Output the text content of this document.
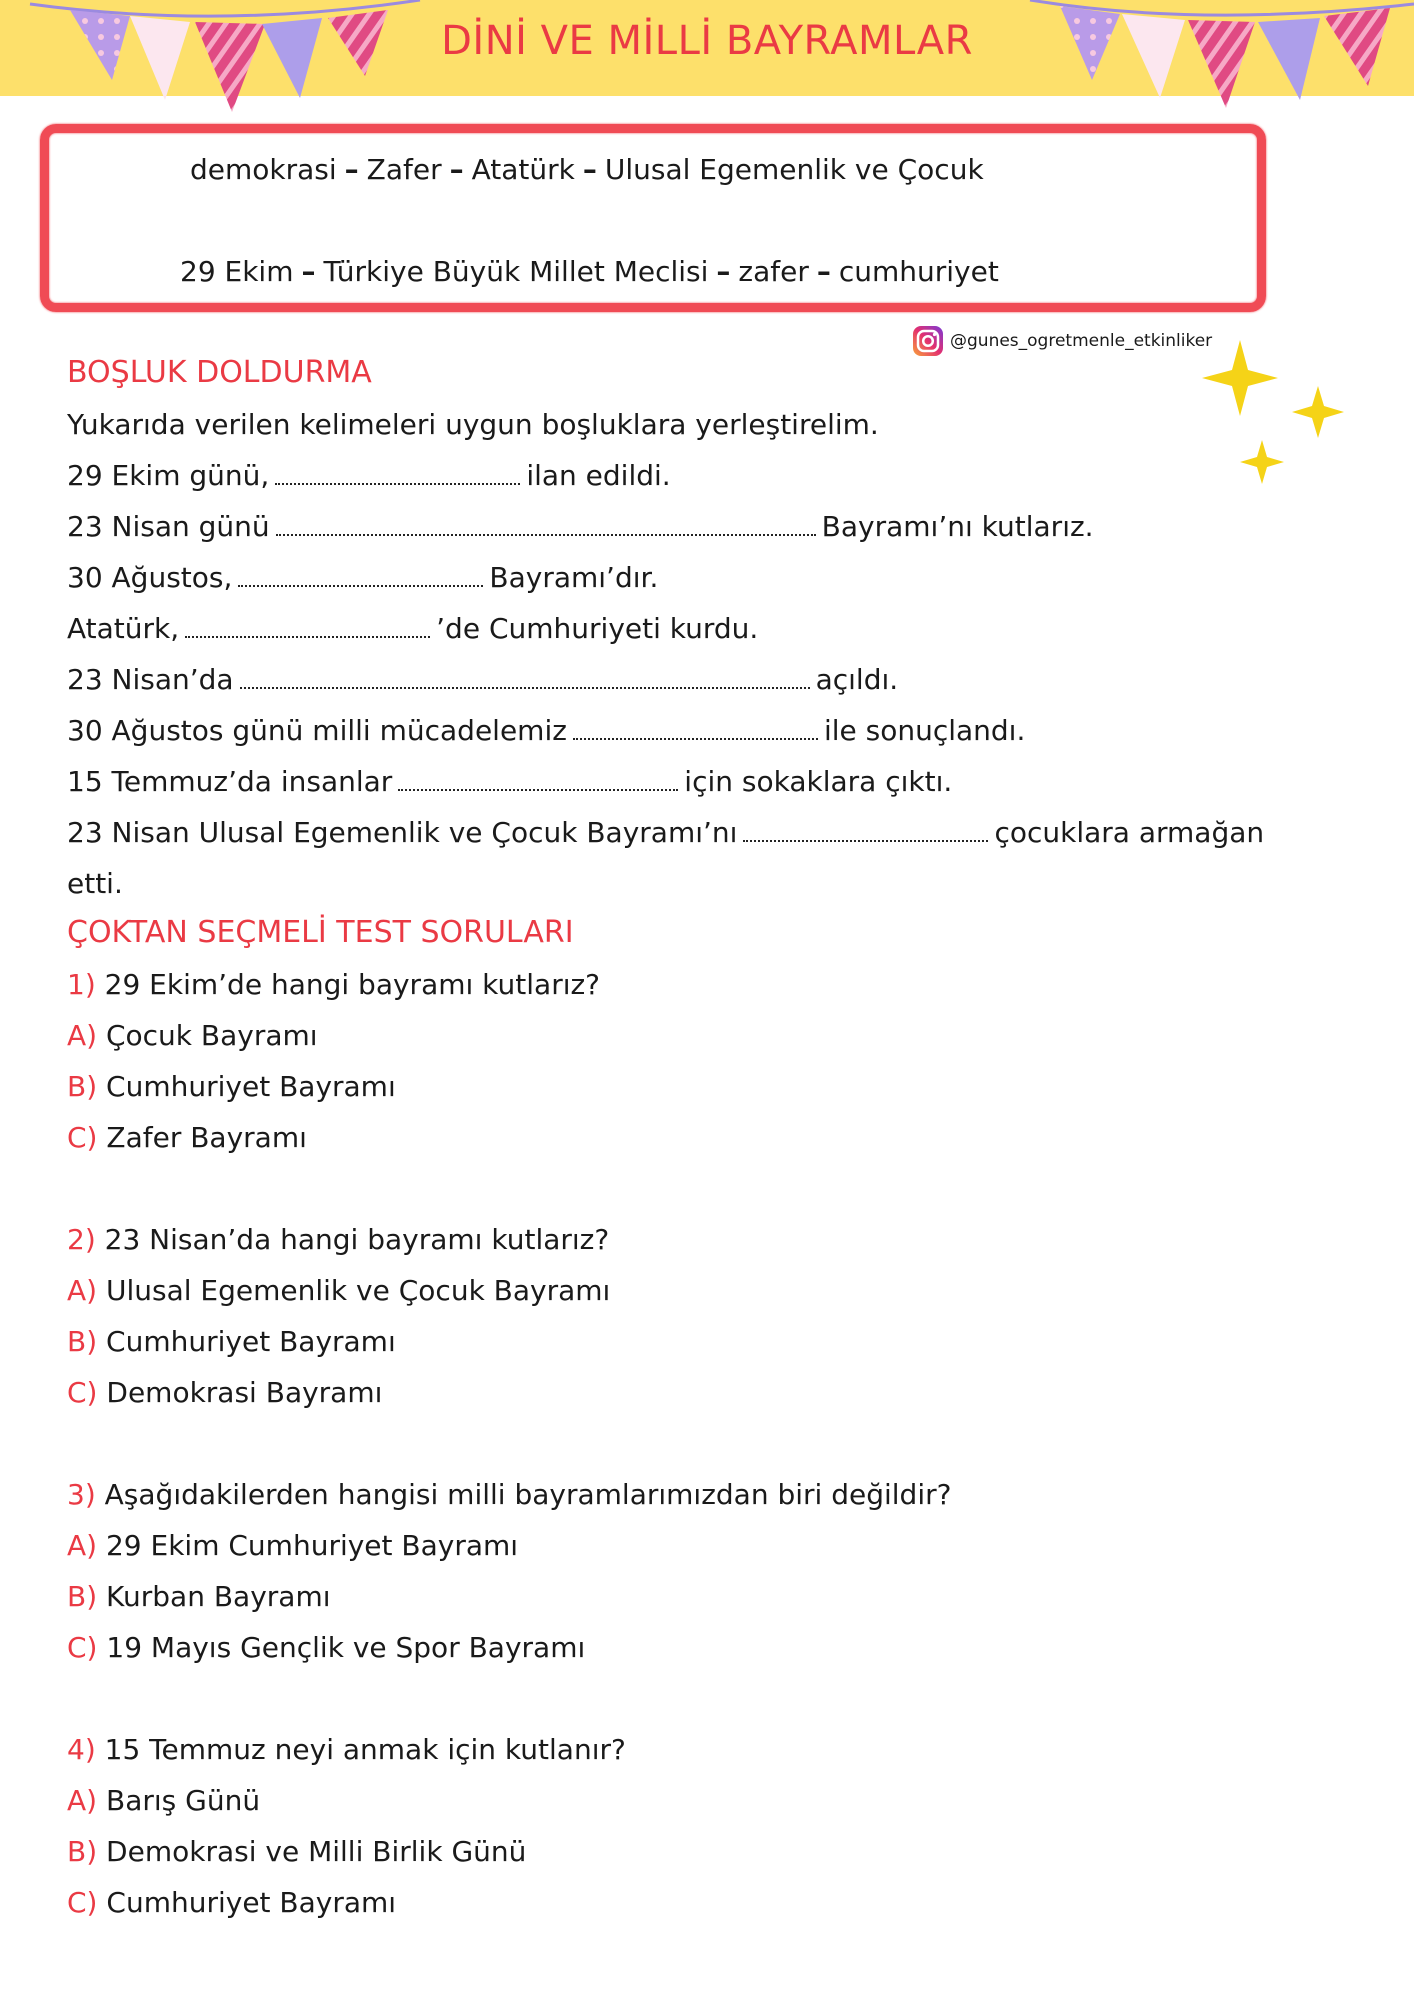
DİNİ VE MİLLİ BAYRAMLAR
demokrasi – Zafer – Atatürk – Ulusal Egemenlik ve Çocuk
29 Ekim – Türkiye Büyük Millet Meclisi – zafer – cumhuriyet
@gunes_ogretmenle_etkinliker
BOŞLUK DOLDURMA
Yukarıda verilen kelimeleri uygun boşluklara yerleştirelim.
29 Ekim günü,	ilan edildi.
23 Nisan günü	Bayramı’nı kutlarız.
30 Ağustos,	Bayramı’dır.
Atatürk,	’de Cumhuriyeti kurdu.
23 Nisan’da	açıldı.
30 Ağustos günü milli mücadelemiz	ile sonuçlandı.
15 Temmuz’da insanlar	için sokaklara çıktı.
23 Nisan Ulusal Egemenlik ve Çocuk Bayramı’nı	çocuklara armağan
etti.
ÇOKTAN SEÇMELİ TEST SORULARI
1) 29 Ekim’de hangi bayramı kutlarız?
A) Çocuk Bayramı
B) Cumhuriyet Bayramı
C) Zafer Bayramı
2) 23 Nisan’da hangi bayramı kutlarız?
A) Ulusal Egemenlik ve Çocuk Bayramı
B) Cumhuriyet Bayramı
C) Demokrasi Bayramı
3) Aşağıdakilerden hangisi milli bayramlarımızdan biri değildir?
A) 29 Ekim Cumhuriyet Bayramı
B) Kurban Bayramı
C) 19 Mayıs Gençlik ve Spor Bayramı
4) 15 Temmuz neyi anmak için kutlanır?
A) Barış Günü
B) Demokrasi ve Milli Birlik Günü
C) Cumhuriyet Bayramı
